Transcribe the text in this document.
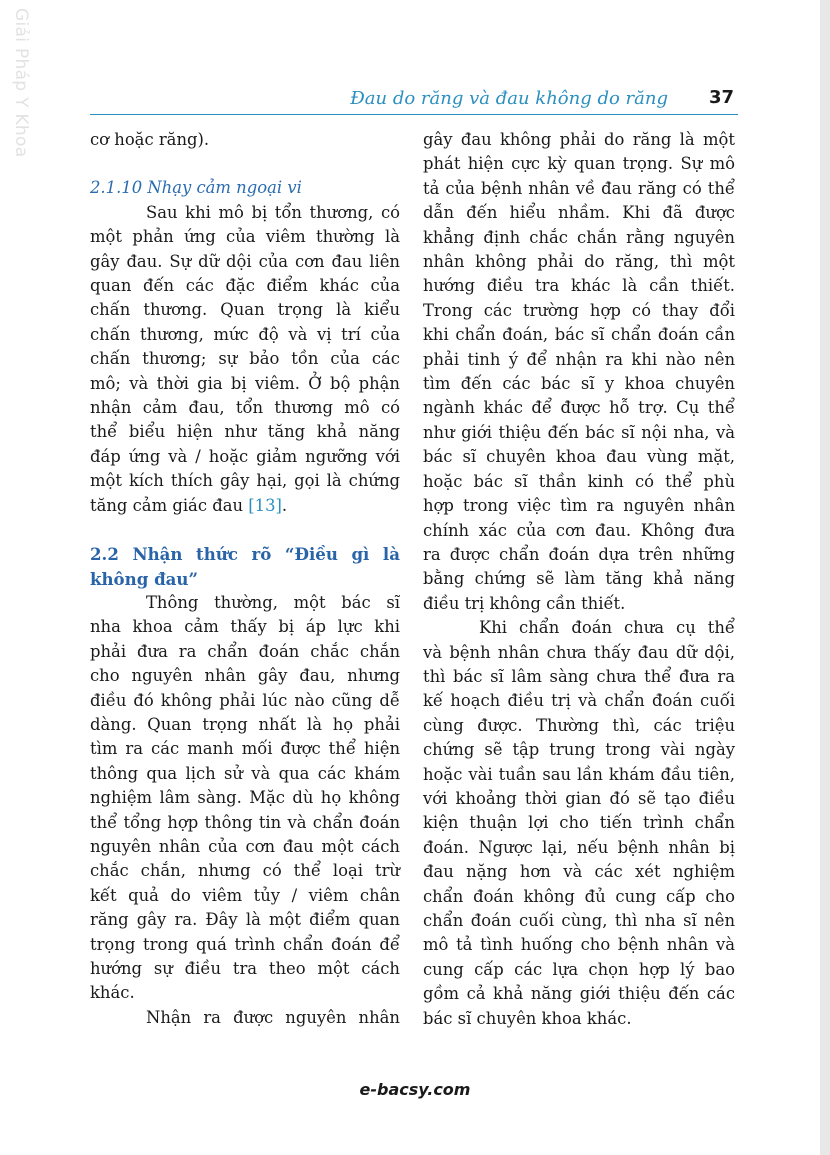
Giải Pháp Y Khoa	Đau do răng và đau không do răng 37
cơ hoặc răng).
2.1.10 Nhạy cảm ngoại vi
Sau khi mô bị tổn thương, có
một phản ứng của viêm thường là
gây đau. Sự dữ dội của cơn đau liên
quan đến các đặc điểm khác của
chấn thương. Quan trọng là kiểu
chấn thương, mức độ và vị trí của
chấn thương; sự bảo tồn của các
mô; và thời gia bị viêm. Ở bộ phận
nhận cảm đau, tổn thương mô có
thể biểu hiện như tăng khả năng
đáp ứng và / hoặc giảm ngưỡng với
một kích thích gây hại, gọi là chứng
tăng cảm giác đau [13].
2.2 Nhận thức rõ “Điều gì là
không đau”
Thông thường, một bác sĩ
nha khoa cảm thấy bị áp lực khi
phải đưa ra chẩn đoán chắc chắn
cho nguyên nhân gây đau, nhưng
điều đó không phải lúc nào cũng dễ
dàng. Quan trọng nhất là họ phải
tìm ra các manh mối được thể hiện
thông qua lịch sử và qua các khám
nghiệm lâm sàng. Mặc dù họ không
thể tổng hợp thông tin và chẩn đoán
nguyên nhân của cơn đau một cách
chắc chắn, nhưng có thể loại trừ
kết quả do viêm tủy / viêm chân
răng gây ra. Đây là một điểm quan
trọng trong quá trình chẩn đoán để
hướng sự điều tra theo một cách
khác.
Nhận ra được nguyên nhân
gây đau không phải do răng là một
phát hiện cực kỳ quan trọng. Sự mô
tả của bệnh nhân về đau răng có thể
dẫn đến hiểu nhầm. Khi đã được
khẳng định chắc chắn rằng nguyên
nhân không phải do răng, thì một
hướng điều tra khác là cần thiết.
Trong các trường hợp có thay đổi
khi chẩn đoán, bác sĩ chẩn đoán cần
phải tinh ý để nhận ra khi nào nên
tìm đến các bác sĩ y khoa chuyên
ngành khác để được hỗ trợ. Cụ thể
như giới thiệu đến bác sĩ nội nha, và
bác sĩ chuyên khoa đau vùng mặt,
hoặc bác sĩ thần kinh có thể phù
hợp trong việc tìm ra nguyên nhân
chính xác của cơn đau. Không đưa
ra được chẩn đoán dựa trên những
bằng chứng sẽ làm tăng khả năng
điều trị không cần thiết.
Khi chẩn đoán chưa cụ thể
và bệnh nhân chưa thấy đau dữ dội,
thì bác sĩ lâm sàng chưa thể đưa ra
kế hoạch điều trị và chẩn đoán cuối
cùng được. Thường thì, các triệu
chứng sẽ tập trung trong vài ngày
hoặc vài tuần sau lần khám đầu tiên,
với khoảng thời gian đó sẽ tạo điều
kiện thuận lợi cho tiến trình chẩn
đoán. Ngược lại, nếu bệnh nhân bị
đau nặng hơn và các xét nghiệm
chẩn đoán không đủ cung cấp cho
chẩn đoán cuối cùng, thì nha sĩ nên
mô tả tình huống cho bệnh nhân và
cung cấp các lựa chọn hợp lý bao
gồm cả khả năng giới thiệu đến các
bác sĩ chuyên khoa khác.
e-bacsy.com
